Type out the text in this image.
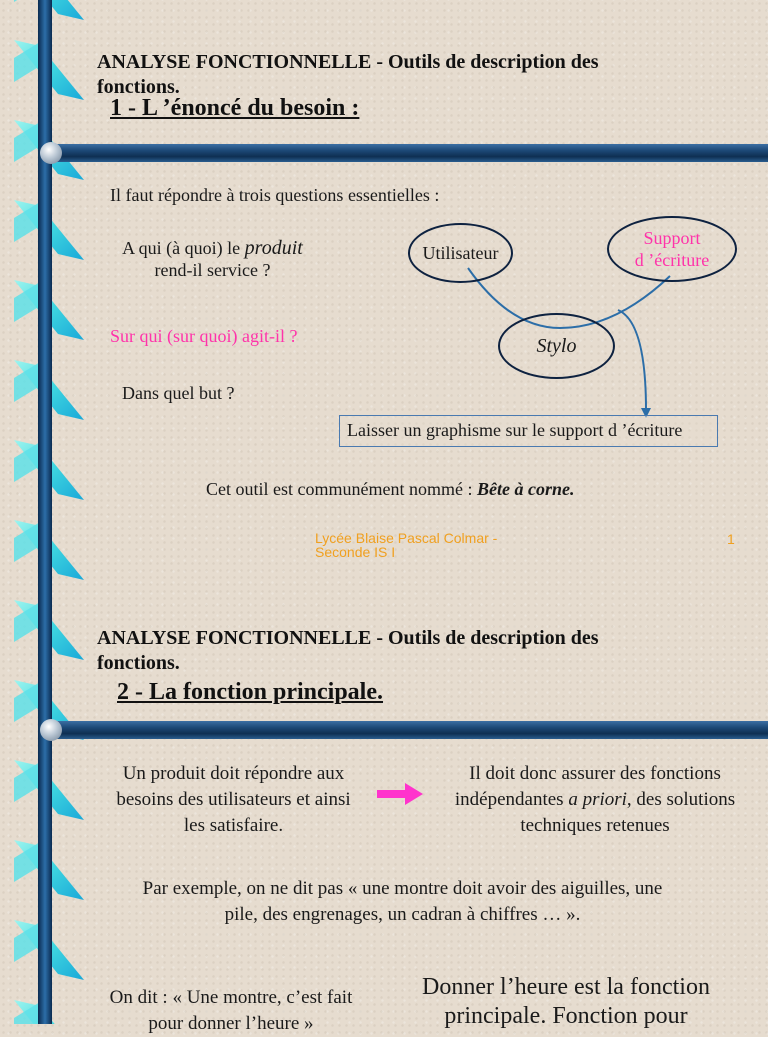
ANALYSE FONCTIONNELLE - Outils de description des fonctions.
1 - L ’énoncé du besoin :
Il faut répondre à trois questions essentielles :
A qui (à quoi) le produit
rend-il service ?
Sur qui (sur quoi) agit-il ?
Dans quel but ?
Utilisateur
Support
d ’écriture
Stylo
Laisser un graphisme sur le support d ’écriture
Cet outil est communément nommé : Bête à corne.
Lycée Blaise Pascal Colmar - Seconde IS I
1
ANALYSE FONCTIONNELLE - Outils de description des fonctions.
2 - La fonction principale.
Un produit doit répondre aux besoins des utilisateurs et ainsi les satisfaire.
Il doit donc assurer des fonctions indépendantes a priori, des solutions techniques retenues
Par exemple, on ne dit pas « une montre doit avoir des aiguilles, une pile, des engrenages, un cadran à chiffres … ».
On dit : « Une montre, c’est fait pour donner l’heure »
Donner l’heure est la fonction principale. Fonction pour
